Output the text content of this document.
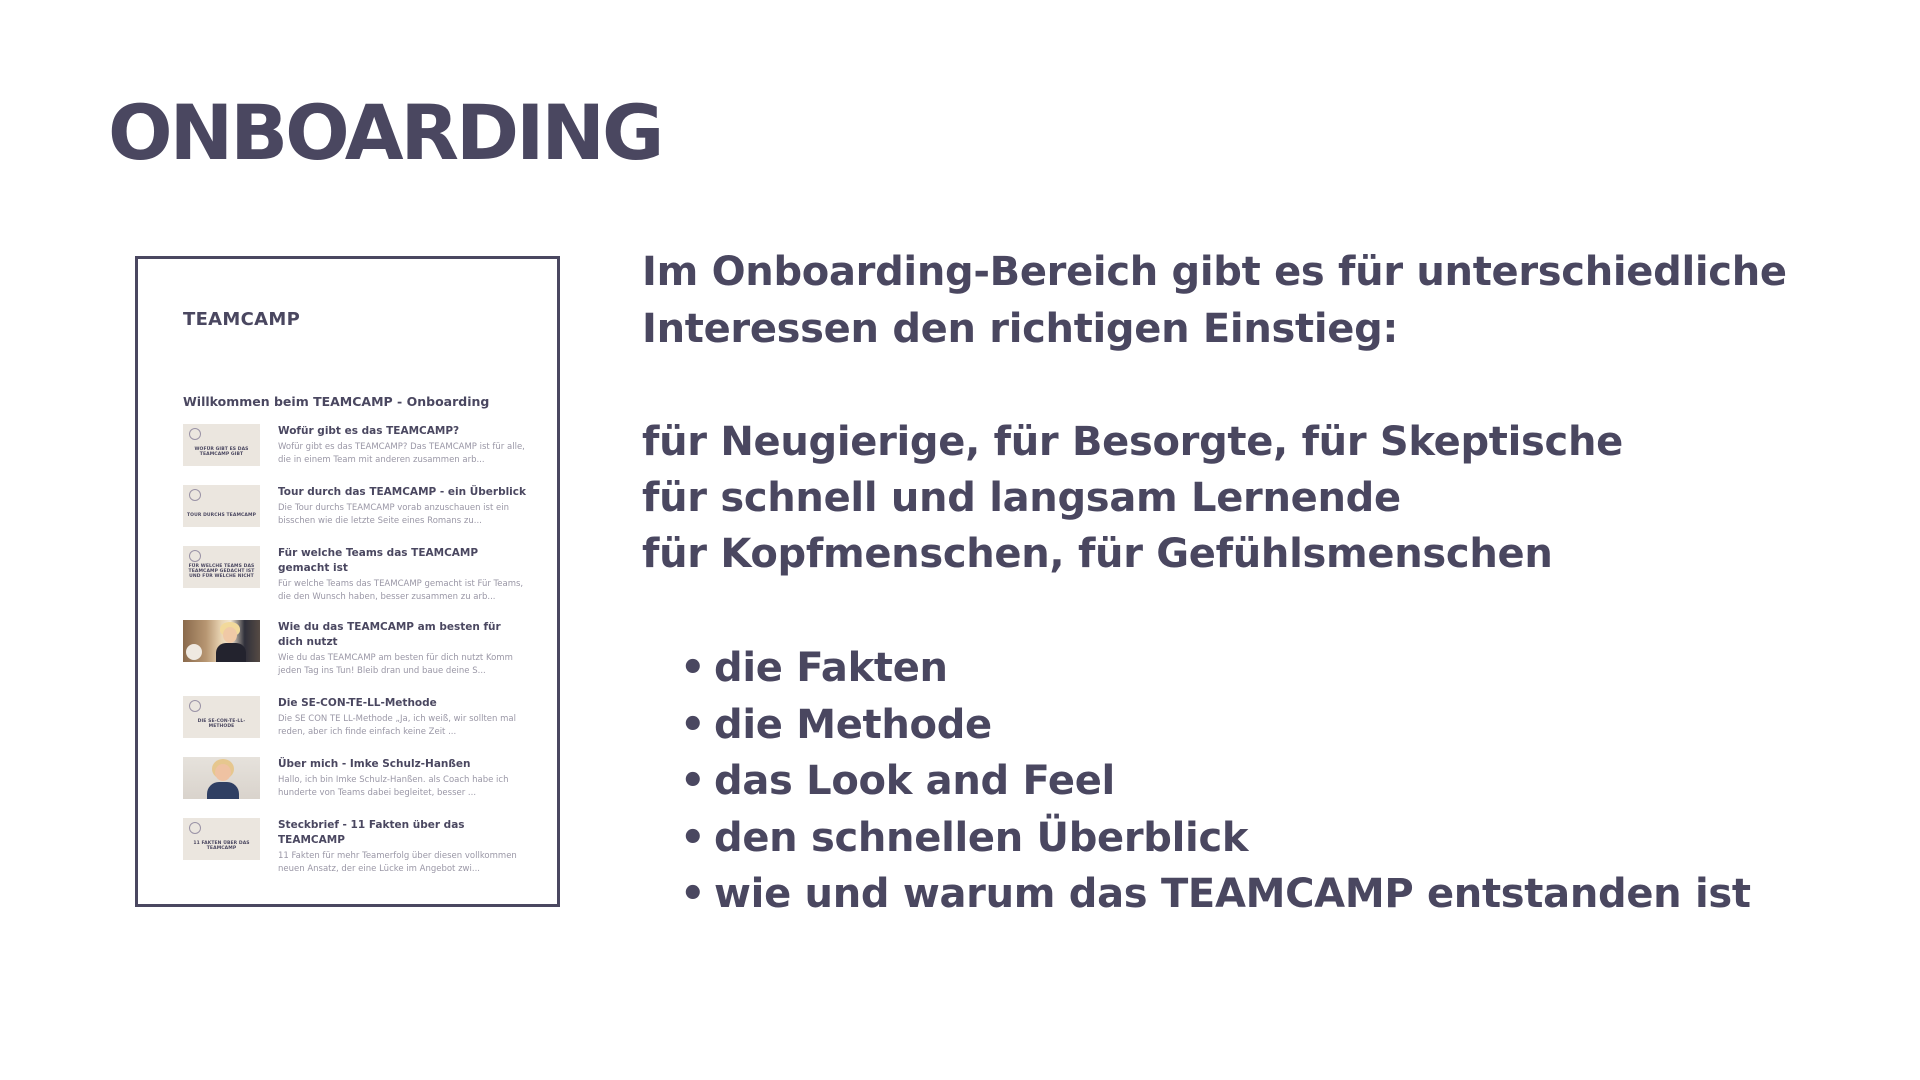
ONBOARDING
TEAMCAMP
Willkommen beim TEAMCAMP - Onboarding
WOFÜR GIBT ES DAS TEAMCAMP GIBT
Wofür gibt es das TEAMCAMP?
Wofür gibt es das TEAMCAMP? Das TEAMCAMP ist für alle, die in einem Team mit anderen zusammen arb...
TOUR DURCHS TEAMCAMP
Tour durch das TEAMCAMP - ein Überblick
Die Tour durchs TEAMCAMP vorab anzuschauen ist ein bisschen wie die letzte Seite eines Romans zu...
FÜR WELCHE TEAMS DAS TEAMCAMP GEDACHT IST UND FÜR WELCHE NICHT
Für welche Teams das TEAMCAMP gemacht ist
Für welche Teams das TEAMCAMP gemacht ist Für Teams, die den Wunsch haben, besser zusammen zu arb...
Wie du das TEAMCAMP am besten für dich nutzt
Wie du das TEAMCAMP am besten für dich nutzt Komm jeden Tag ins Tun! Bleib dran und baue deine S...
DIE SE-CON-TE-LL-METHODE
Die SE-CON-TE-LL-Methode
Die SE CON TE LL-Methode „Ja, ich weiß, wir sollten mal reden, aber ich finde einfach keine Zeit ...
Über mich - Imke Schulz-Hanßen
Hallo, ich bin Imke Schulz-Hanßen. als Coach habe ich hunderte von Teams dabei begleitet, besser ...
11 FAKTEN ÜBER DAS TEAMCAMP
Steckbrief - 11 Fakten über das TEAMCAMP
11 Fakten für mehr Teamerfolg über diesen vollkommen neuen Ansatz, der eine Lücke im Angebot zwi...

Im Onboarding-Bereich gibt es für unterschiedliche Interessen den richtigen Einstieg:

für Neugierige, für Besorgte, für Skeptische
für schnell und langsam Lernende
für Kopfmenschen, für Gefühlsmenschen
• die Fakten
• die Methode
• das Look and Feel
• den schnellen Überblick
• wie und warum das TEAMCAMP entstanden ist
